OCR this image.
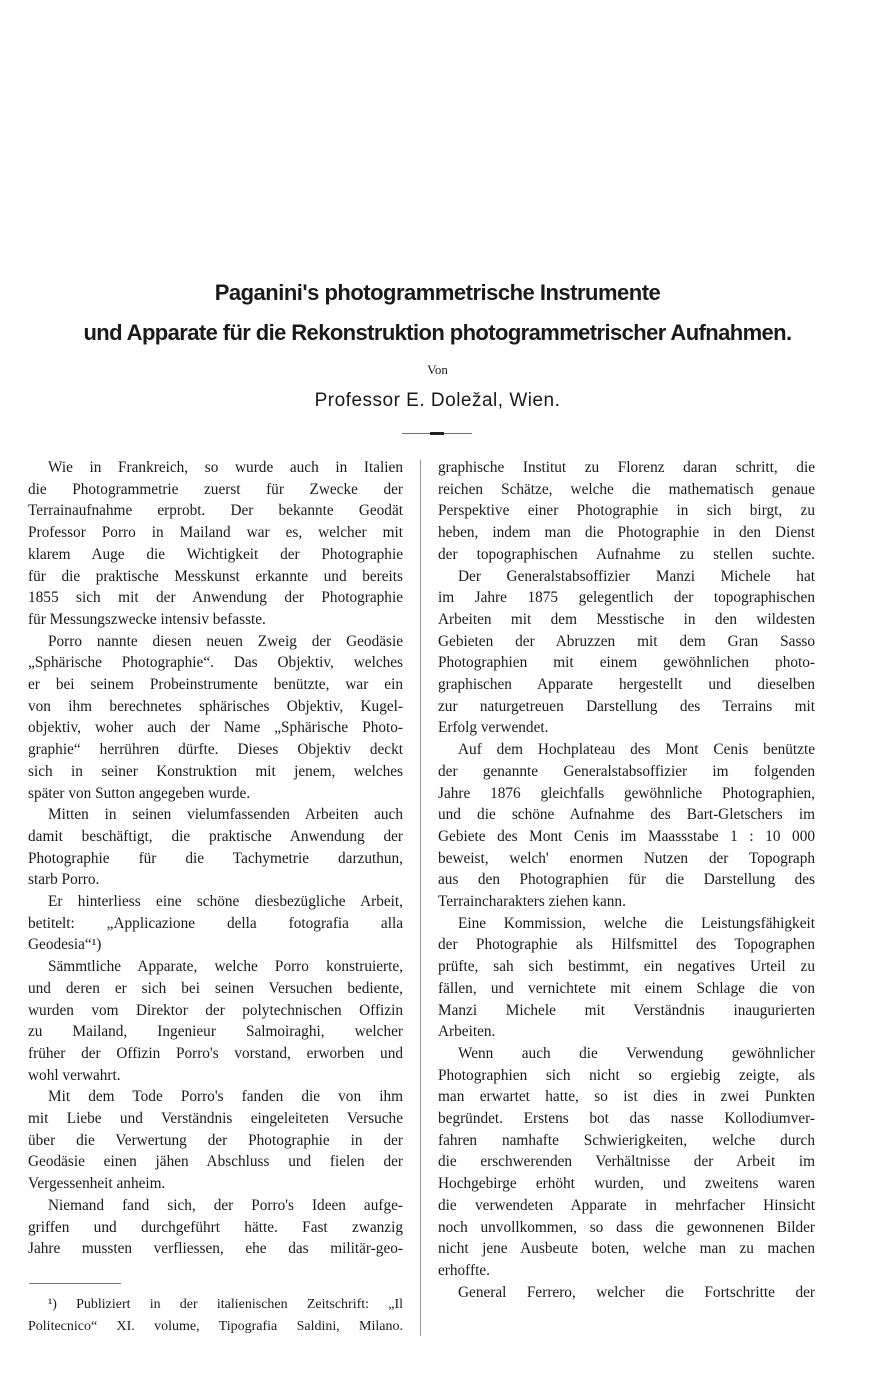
Paganini's photogrammetrische Instrumente
und Apparate für die Rekonstruktion photogrammetrischer Aufnahmen.
Von
Professor E. Doležal, Wien.
Wie in Frankreich, so wurde auch in Italien
die Photogrammetrie zuerst für Zwecke der
Terrainaufnahme erprobt. Der bekannte Geodät
Professor Porro in Mailand war es, welcher mit
klarem Auge die Wichtigkeit der Photographie
für die praktische Messkunst erkannte und bereits
1855 sich mit der Anwendung der Photographie
für Messungszwecke intensiv befasste.
Porro nannte diesen neuen Zweig der Geodäsie
„Sphärische Photographie“. Das Objektiv, welches
er bei seinem Probeinstrumente benützte, war ein
von ihm berechnetes sphärisches Objektiv, Kugel-
objektiv, woher auch der Name „Sphärische Photo-
graphie“ herrühren dürfte. Dieses Objektiv deckt
sich in seiner Konstruktion mit jenem, welches
später von Sutton angegeben wurde.
Mitten in seinen vielumfassenden Arbeiten auch
damit beschäftigt, die praktische Anwendung der
Photographie für die Tachymetrie darzuthun,
starb Porro.
Er hinterliess eine schöne diesbezügliche Arbeit,
betitelt: „Applicazione della fotografia alla
Geodesia“¹)
Sämmtliche Apparate, welche Porro konstruierte,
und deren er sich bei seinen Versuchen bediente,
wurden vom Direktor der polytechnischen Offizin
zu Mailand, Ingenieur Salmoiraghi, welcher
früher der Offizin Porro's vorstand, erworben und
wohl verwahrt.
Mit dem Tode Porro's fanden die von ihm
mit Liebe und Verständnis eingeleiteten Versuche
über die Verwertung der Photographie in der
Geodäsie einen jähen Abschluss und fielen der
Vergessenheit anheim.
Niemand fand sich, der Porro's Ideen aufge-
griffen und durchgeführt hätte. Fast zwanzig
Jahre mussten verfliessen, ehe das militär-geo-
¹) Publiziert in der italienischen Zeitschrift: „Il
Politecnico“ XI. volume, Tipografia Saldini, Milano.
graphische Institut zu Florenz daran schritt, die
reichen Schätze, welche die mathematisch genaue
Perspektive einer Photographie in sich birgt, zu
heben, indem man die Photographie in den Dienst
der topographischen Aufnahme zu stellen suchte.
Der Generalstabsoffizier Manzi Michele hat
im Jahre 1875 gelegentlich der topographischen
Arbeiten mit dem Messtische in den wildesten
Gebieten der Abruzzen mit dem Gran Sasso
Photographien mit einem gewöhnlichen photo-
graphischen Apparate hergestellt und dieselben
zur naturgetreuen Darstellung des Terrains mit
Erfolg verwendet.
Auf dem Hochplateau des Mont Cenis benützte
der genannte Generalstabsoffizier im folgenden
Jahre 1876 gleichfalls gewöhnliche Photographien,
und die schöne Aufnahme des Bart-Gletschers im
Gebiete des Mont Cenis im Maassstabe 1 : 10 000
beweist, welch' enormen Nutzen der Topograph
aus den Photographien für die Darstellung des
Terraincharakters ziehen kann.
Eine Kommission, welche die Leistungsfähigkeit
der Photographie als Hilfsmittel des Topographen
prüfte, sah sich bestimmt, ein negatives Urteil zu
fällen, und vernichtete mit einem Schlage die von
Manzi Michele mit Verständnis inaugurierten
Arbeiten.
Wenn auch die Verwendung gewöhnlicher
Photographien sich nicht so ergiebig zeigte, als
man erwartet hatte, so ist dies in zwei Punkten
begründet. Erstens bot das nasse Kollodiumver-
fahren namhafte Schwierigkeiten, welche durch
die erschwerenden Verhältnisse der Arbeit im
Hochgebirge erhöht wurden, und zweitens waren
die verwendeten Apparate in mehrfacher Hinsicht
noch unvollkommen, so dass die gewonnenen Bilder
nicht jene Ausbeute boten, welche man zu machen
erhoffte.
General Ferrero, welcher die Fortschritte der
